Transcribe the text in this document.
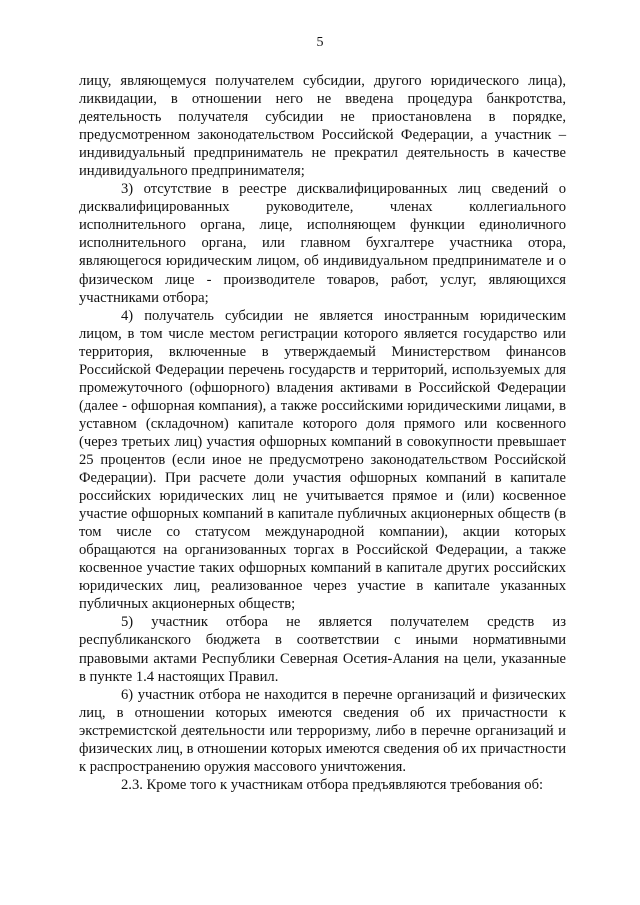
5

лицу, являющемуся получателем субсидии, другого юридического лица), ликвидации, в отношении него не введена процедура банкротства, деятельность получателя субсидии не приостановлена в порядке, предусмотренном законодательством Российской Федерации, а участник – индивидуальный предприниматель не прекратил деятельность в качестве индивидуального предпринимателя;

3) отсутствие в реестре дисквалифицированных лиц сведений о дисквалифицированных руководителе, членах коллегиального исполнительного органа, лице, исполняющем функции единоличного исполнительного органа, или главном бухгалтере участника отора, являющегося юридическим лицом, об индивидуальном предпринимателе и о физическом лице - производителе товаров, работ, услуг, являющихся участниками отбора;

4) получатель субсидии не является иностранным юридическим лицом, в том числе местом регистрации которого является государство или территория, включенные в утверждаемый Министерством финансов Российской Федерации перечень государств и территорий, используемых для промежуточного (офшорного) владения активами в Российской Федерации (далее - офшорная компания), а также российскими юридическими лицами, в уставном (складочном) капитале которого доля прямого или косвенного (через третьих лиц) участия офшорных компаний в совокупности превышает 25 процентов (если иное не предусмотрено законодательством Российской Федерации). При расчете доли участия офшорных компаний в капитале российских юридических лиц не учитывается прямое и (или) косвенное участие офшорных компаний в капитале публичных акционерных обществ (в том числе со статусом международной компании), акции которых обращаются на организованных торгах в Российской Федерации, а также косвенное участие таких офшорных компаний в капитале других российских юридических лиц, реализованное через участие в капитале указанных публичных акционерных обществ;

5) участник отбора не является получателем средств из республиканского бюджета в соответствии с иными нормативными правовыми актами Республики Северная Осетия-Алания на цели, указанные в пункте 1.4 настоящих Правил.

6) участник отбора не находится в перечне организаций и физических лиц, в отношении которых имеются сведения об их причастности к экстремистской деятельности или терроризму, либо в перечне организаций и физических лиц, в отношении которых имеются сведения об их причастности к распространению оружия массового уничтожения.

2.3. Кроме того к участникам отбора предъявляются требования об:
